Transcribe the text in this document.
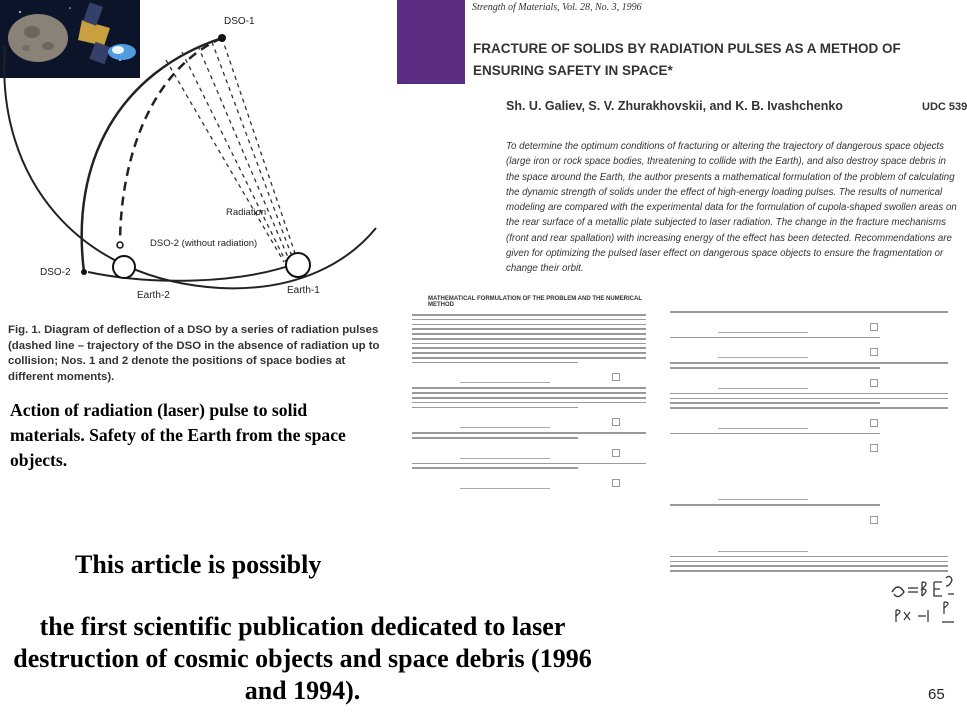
DSO-1
Radiation
DSO-2 (without radiation)
DSO-2
Earth-2	Earth-1
Strength of Materials, Vol. 28, No. 3, 1996
FRACTURE OF SOLIDS BY RADIATION PULSES AS A METHOD OF ENSURING SAFETY IN SPACE*
Sh. U. Galiev, S. V. Zhurakhovskii, and K. B. Ivashchenko	UDC 539
To determine the optimum conditions of fracturing or altering the trajectory of dangerous space objects (large iron or rock space bodies, threatening to collide with the Earth), and also destroy space debris in the space around the Earth, the author presents a mathematical formulation of the problem of calculating the dynamic strength of solids under the effect of high-energy loading pulses. The results of numerical modeling are compared with the experimental data for the formulation of cupola-shaped swollen areas on the rear surface of a metallic plate subjected to laser radiation. The change in the fracture mechanisms (front and rear spallation) with increasing energy of the effect has been detected. Recommendations are given for optimizing the pulsed laser effect on dangerous space objects to ensure the fragmentation or change their orbit.
MATHEMATICAL FORMULATION OF THE PROBLEM AND THE NUMERICAL METHOD
Fig. 1. Diagram of deflection of a DSO by a series of radiation pulses (dashed line – trajectory of the DSO in the absence of radiation up to collision; Nos. 1 and 2 denote the positions of space bodies at different moments).
Action of radiation (laser) pulse to solid materials. Safety of the Earth from the space objects.
This article is possibly
the first scientific publication dedicated to laser destruction of cosmic objects and space debris (1996 and 1994).	65
